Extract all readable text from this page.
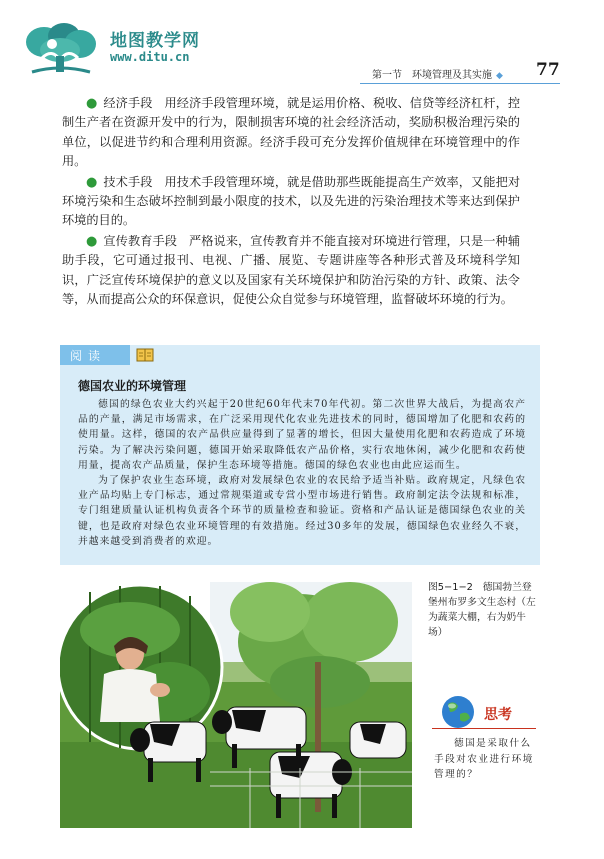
地图教学网
www.ditu.cn
第一节　环境管理及其实施 ◆	77

● 经济手段 用经济手段管理环境，就是运用价格、税收、信贷等经济杠杆，控制生产者在资源开发中的行为，限制损害环境的社会经济活动，奖励积极治理污染的单位，以促进节约和合理利用资源。经济手段可充分发挥价值规律在环境管理中的作用。

● 技术手段 用技术手段管理环境，就是借助那些既能提高生产效率，又能把对环境污染和生态破坏控制到最小限度的技术，以及先进的污染治理技术等来达到保护环境的目的。

● 宣传教育手段 严格说来，宣传教育并不能直接对环境进行管理，只是一种辅助手段，它可通过报刊、电视、广播、展览、专题讲座等各种形式普及环境科学知识，广泛宣传环境保护的意义以及国家有关环境保护和防治污染的方针、政策、法令等，从而提高公众的环保意识，促使公众自觉参与环境管理，监督破坏环境的行为。

阅读
德国农业的环境管理

德国的绿色农业大约兴起于20世纪60年代末70年代初。第二次世界大战后，为提高农产品的产量，满足市场需求，在广泛采用现代化农业先进技术的同时，德国增加了化肥和农药的使用量。这样，德国的农产品供应量得到了显著的增长，但因大量使用化肥和农药造成了环境污染。为了解决污染问题，德国开始采取降低农产品价格，实行农地休闲，减少化肥和农药使用量，提高农产品质量，保护生态环境等措施。德国的绿色农业也由此应运而生。

为了保护农业生态环境，政府对发展绿色农业的农民给予适当补贴。政府规定，凡绿色农业产品均贴上专门标志，通过常规渠道或专営小型市场进行销售。政府制定法令法规和标准，专门组建质量认证机构负责各个环节的质量检查和验证。资格和产品认证是德国绿色农业的关键，也是政府对绿色农业环境管理的有效措施。经过30多年的发展，德国绿色农业经久不衰，并越来越受到消费者的欢迎。

图5−1−2　德国勃兰登堡州布罗多文生态村（左为蔬菜大棚，右为奶牛场）
思考
德国是采取什么手段对农业进行环境管理的？
